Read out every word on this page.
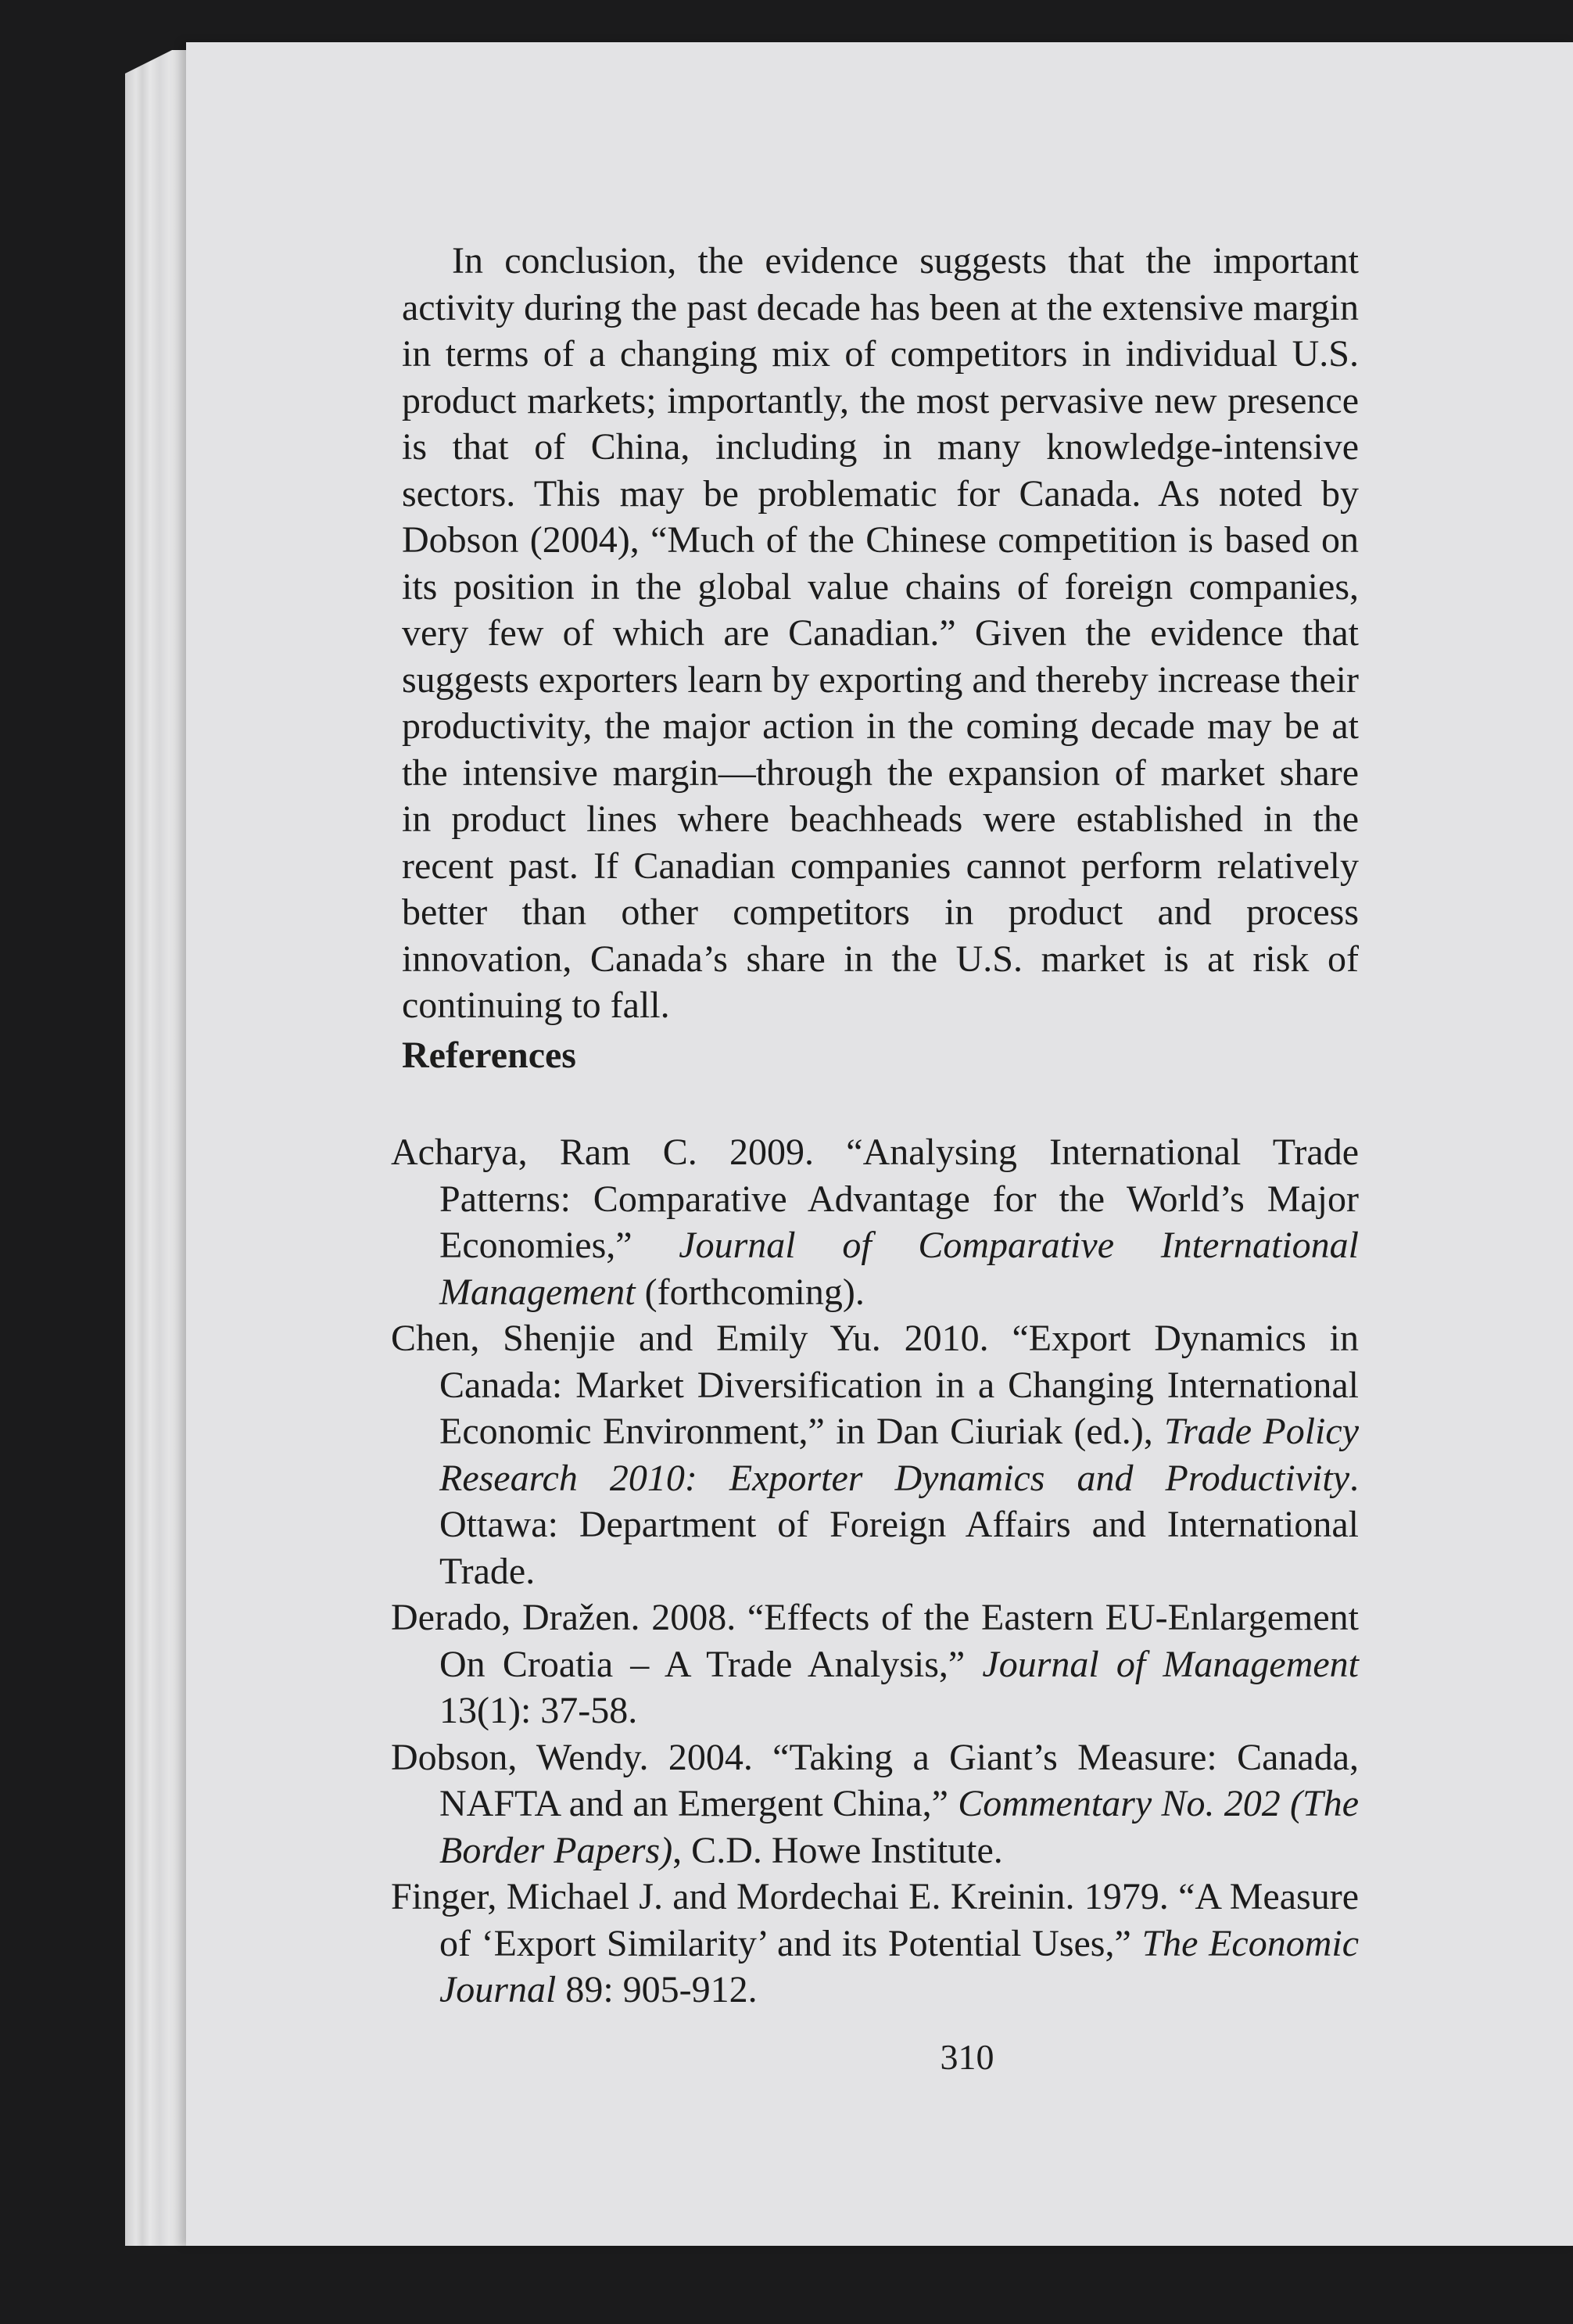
In conclusion, the evidence suggests that the important activity during the past decade has been at the extensive margin in terms of a changing mix of competitors in individual U.S. product markets; importantly, the most pervasive new presence is that of China, including in many knowledge-intensive sectors. This may be problematic for Canada. As noted by Dobson (2004), “Much of the Chinese competition is based on its position in the global value chains of foreign companies, very few of which are Canadian.” Given the evidence that suggests exporters learn by exporting and thereby increase their productivity, the major action in the coming decade may be at the intensive margin—through the expansion of market share in product lines where beachheads were established in the recent past. If Canadian companies cannot perform relatively better than other competitors in product and process innovation, Canada’s share in the U.S. market is at risk of continuing to fall.

References

Acharya, Ram C. 2009. “Analysing International Trade Patterns: Comparative Advantage for the World’s Major Economies,” Journal of Comparative International Management (forthcoming).

Chen, Shenjie and Emily Yu. 2010. “Export Dynamics in Canada: Market Diversification in a Changing International Economic Environment,” in Dan Ciuriak (ed.), Trade Policy Research 2010: Exporter Dynamics and Productivity. Ottawa: Department of Foreign Affairs and International Trade.

Derado, Dražen. 2008. “Effects of the Eastern EU-Enlargement On Croatia – A Trade Analysis,” Journal of Management 13(1): 37-58.

Dobson, Wendy. 2004. “Taking a Giant’s Measure: Canada, NAFTA and an Emergent China,” Commentary No. 202 (The Border Papers), C.D. Howe Institute.

Finger, Michael J. and Mordechai E. Kreinin. 1979. “A Measure of ‘Export Similarity’ and its Potential Uses,” The Economic Journal 89: 905-912.

310
